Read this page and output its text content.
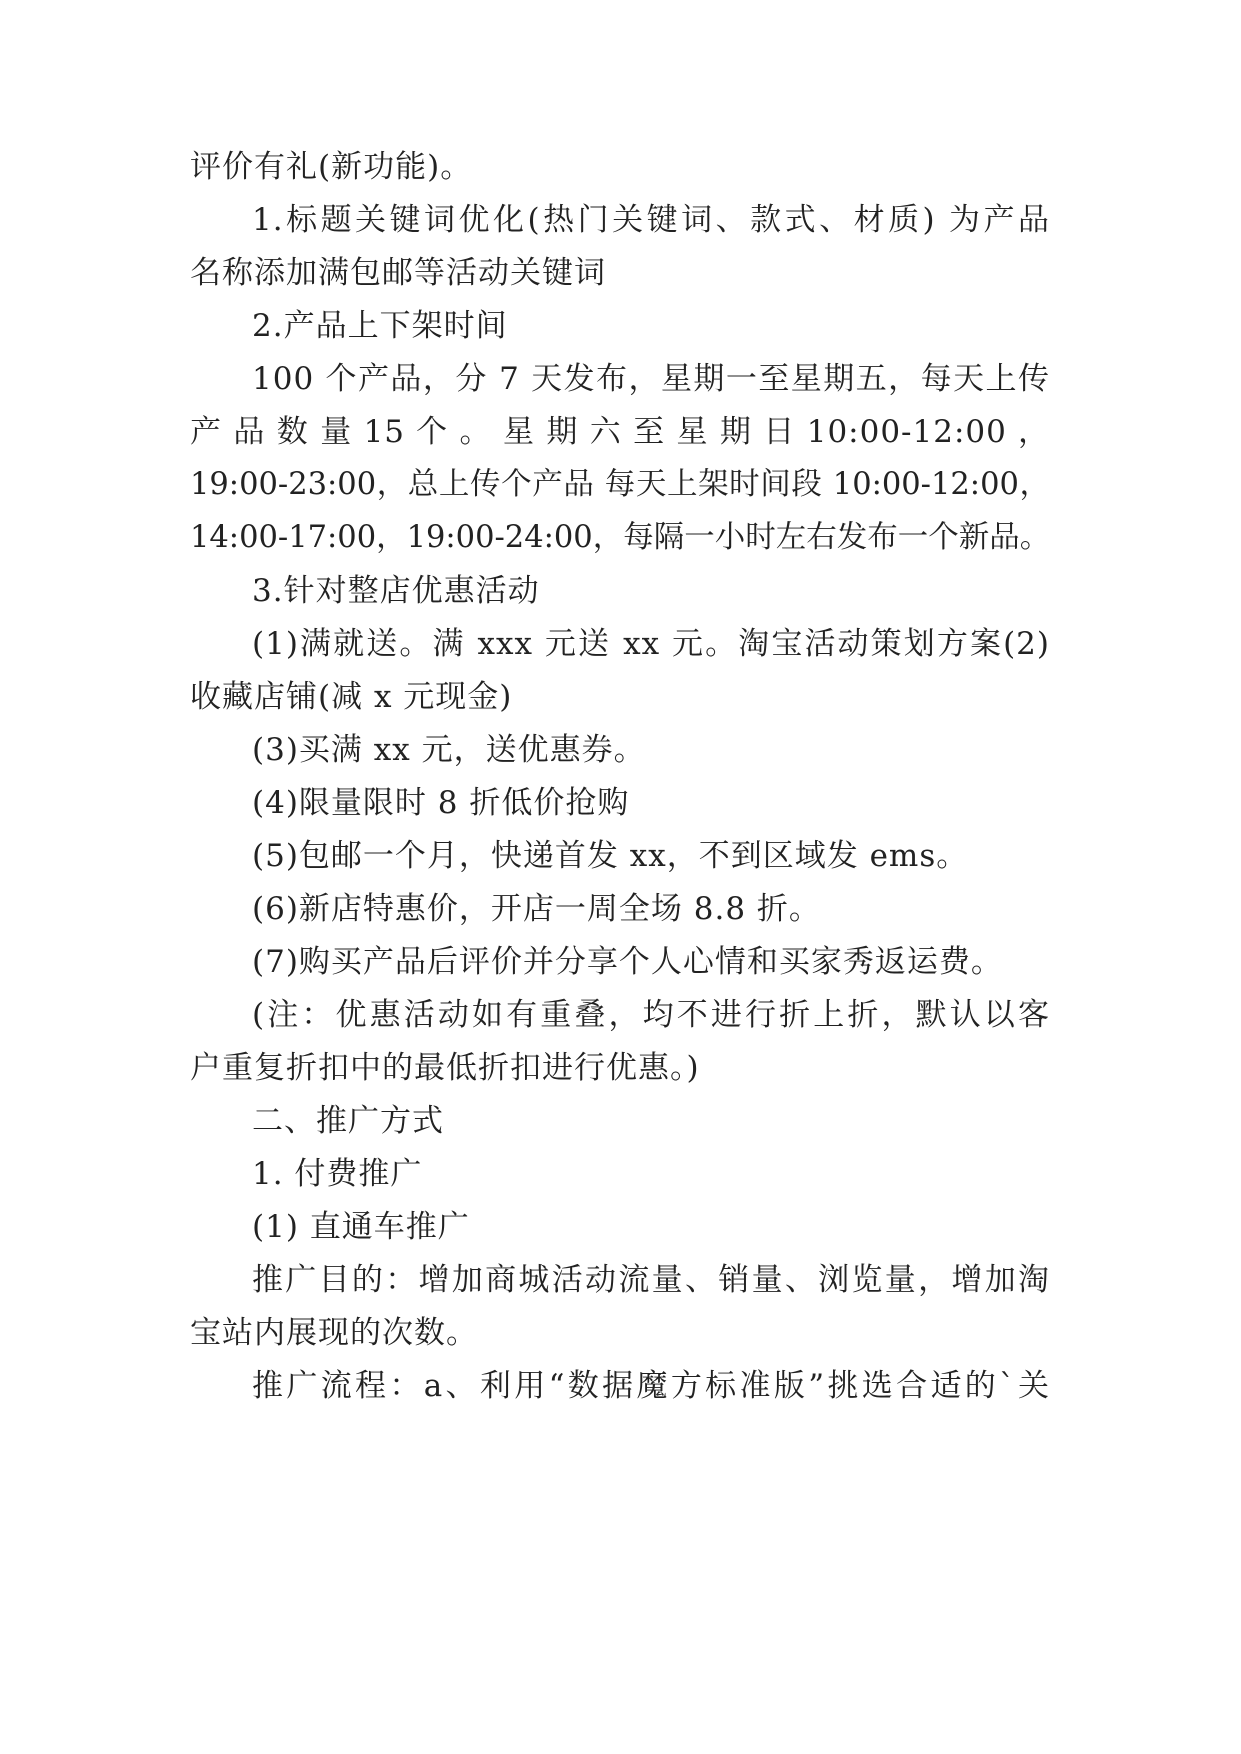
评价有礼(新功能)。
1.标题关键词优化(热门关键词、款式、材质) 为产品
名称添加满包邮等活动关键词
2.产品上下架时间
100 个产品，分 7 天发布，星期一至星期五，每天上传
产 品 数 量 15 个 。 星 期 六 至 星 期 日 10:00-12:00 ，
19:00-23:00，总上传个产品 每天上架时间段 10:00-12:00，
14:00-17:00，19:00-24:00，每隔一小时左右发布一个新品。
3.针对整店优惠活动
(1)满就送。满 xxx 元送 xx 元。淘宝活动策划方案(2)
收藏店铺(减 x 元现金)
(3)买满 xx 元，送优惠券。
(4)限量限时 8 折低价抢购
(5)包邮一个月，快递首发 xx，不到区域发 ems。
(6)新店特惠价，开店一周全场 8.8 折。
(7)购买产品后评价并分享个人心情和买家秀返运费。
(注：优惠活动如有重叠，均不进行折上折，默认以客
户重复折扣中的最低折扣进行优惠。)
二、推广方式
1. 付费推广
(1) 直通车推广
推广目的：增加商城活动流量、销量、浏览量，增加淘
宝站内展现的次数。
推广流程：a、利用“数据魔方标准版”挑选合适的`关
